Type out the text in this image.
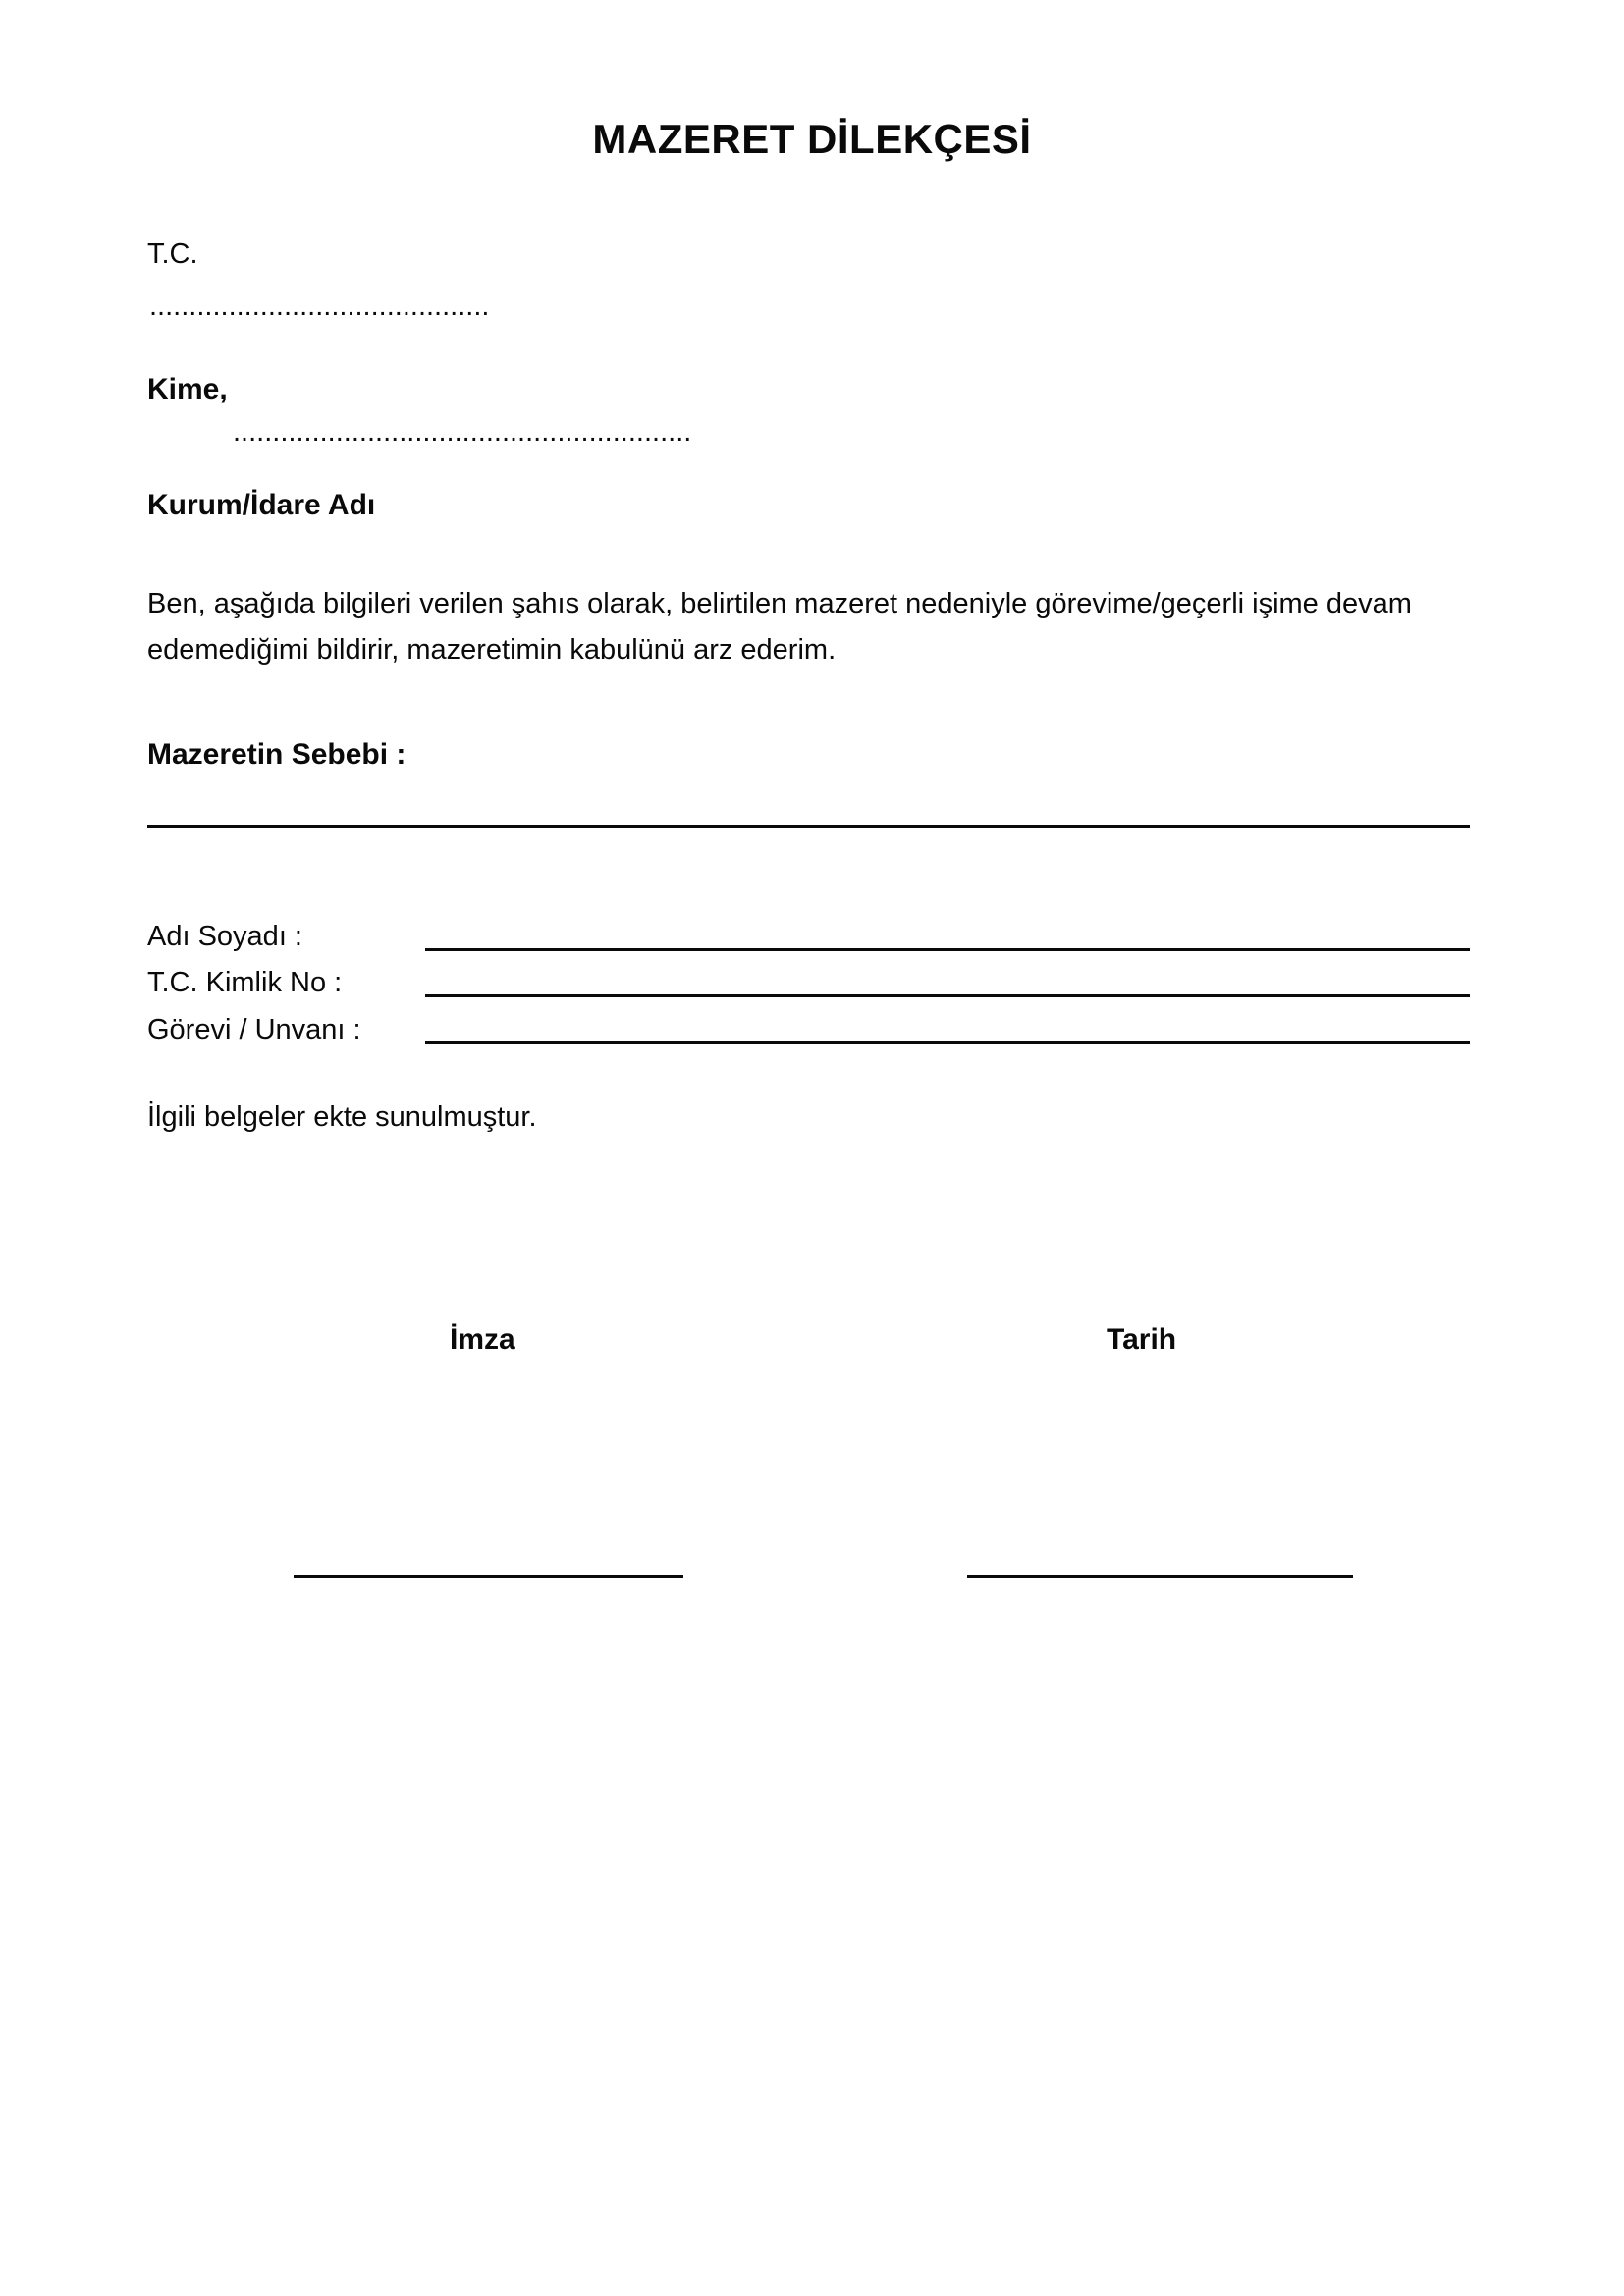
MAZERET DİLEKÇESİ
T.C.
...........................................
Kime,
..........................................................
Kurum/İdare Adı
Ben, aşağıda bilgileri verilen şahıs olarak, belirtilen mazeret nedeniyle görevime/geçerli işime devam edemediğimi bildirir, mazeretimin kabulünü arz ederim.
Mazeretin Sebebi :
Adı Soyadı :
T.C. Kimlik No :
Görevi / Unvanı :
İlgili belgeler ekte sunulmuştur.
İmza	Tarih
